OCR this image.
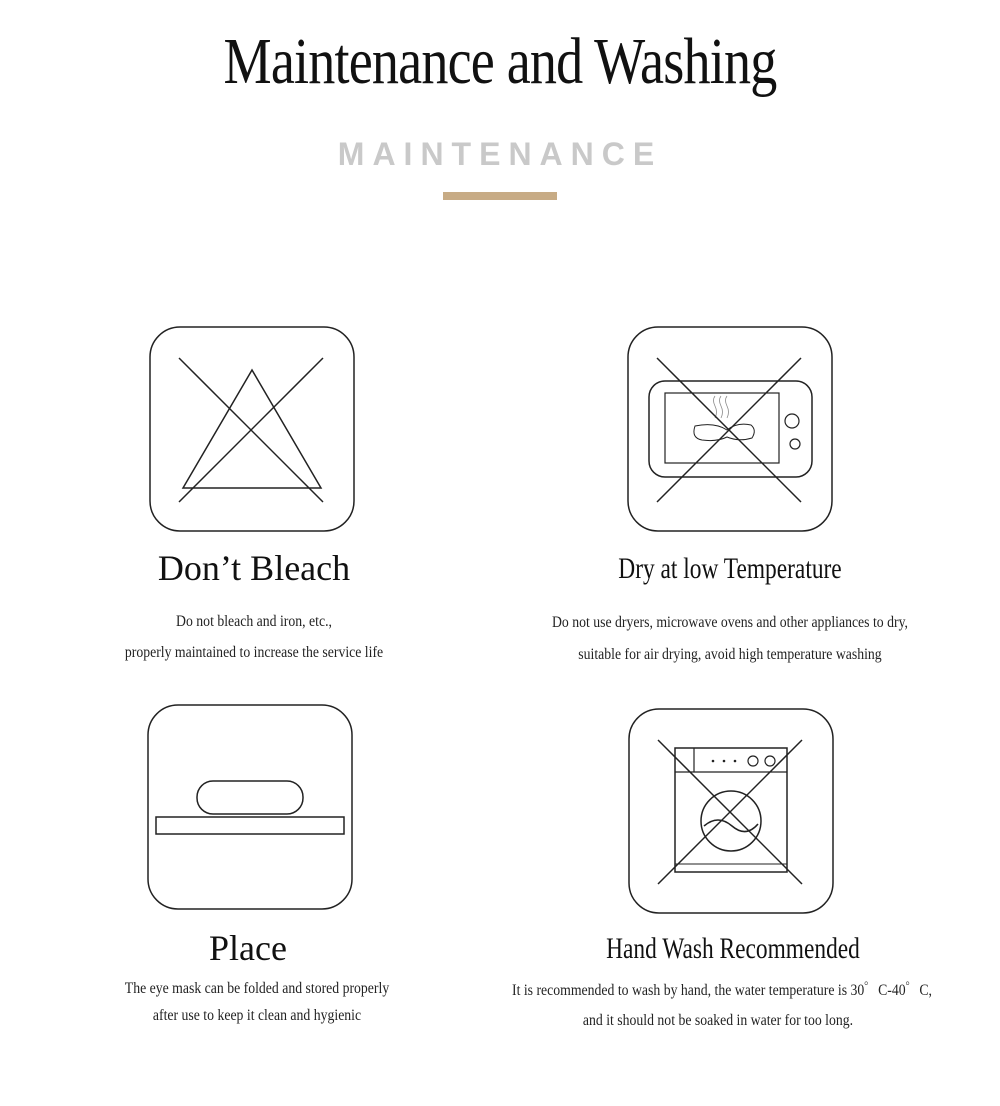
Maintenance and Washing
MAINTENANCE
Don’t Bleach
Do not bleach and iron, etc.,
properly maintained to increase the service life
Dry at low Temperature
Do not use dryers, microwave ovens and other appliances to dry,
suitable for air drying, avoid high temperature washing
Place
The eye mask can be folded and stored properly
after use to keep it clean and hygienic
Hand Wash Recommended
It is recommended to wash by hand, the water temperature is 30゜C-40゜C,
and it should not be soaked in water for too long.
